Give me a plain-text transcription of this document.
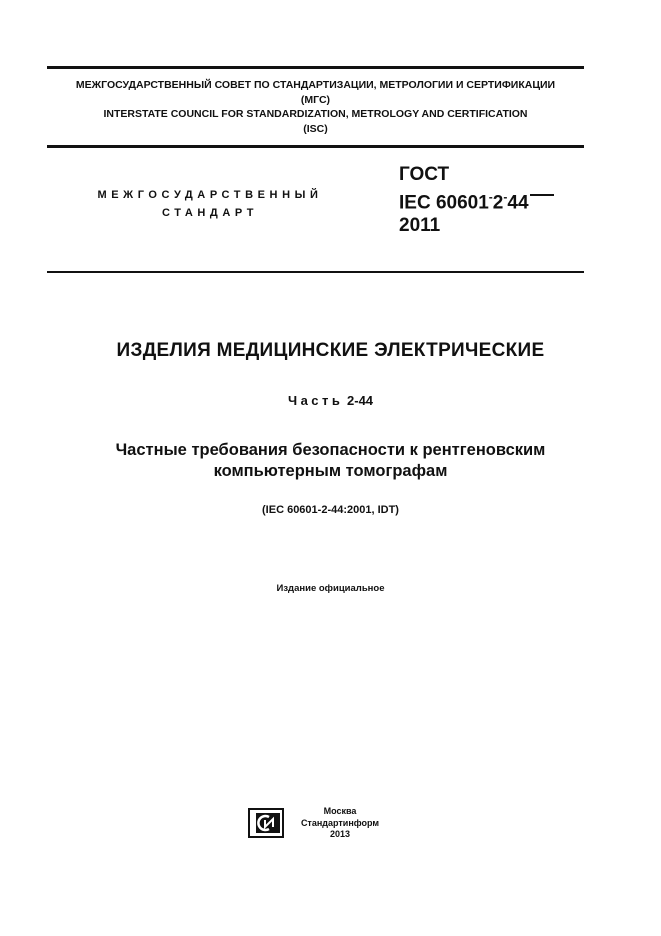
МЕЖГОСУДАРСТВЕННЫЙ СОВЕТ ПО СТАНДАРТИЗАЦИИ, МЕТРОЛОГИИ И СЕРТИФИКАЦИИ
(МГС)
INTERSTATE COUNCIL FOR STANDARDIZATION, METROLOGY AND CERTIFICATION
(ISC)
МЕЖГОСУДАРСТВЕННЫЙ
СТАНДАРТ
ГОСТ
IEC 60601-2-44
2011
ИЗДЕЛИЯ МЕДИЦИНСКИЕ ЭЛЕКТРИЧЕСКИЕ
Часть 2-44
Частные требования безопасности к рентгеновским
компьютерным томографам
(IEC 60601-2-44:2001, IDT)
Издание официальное
Москва
Стандартинформ
2013
